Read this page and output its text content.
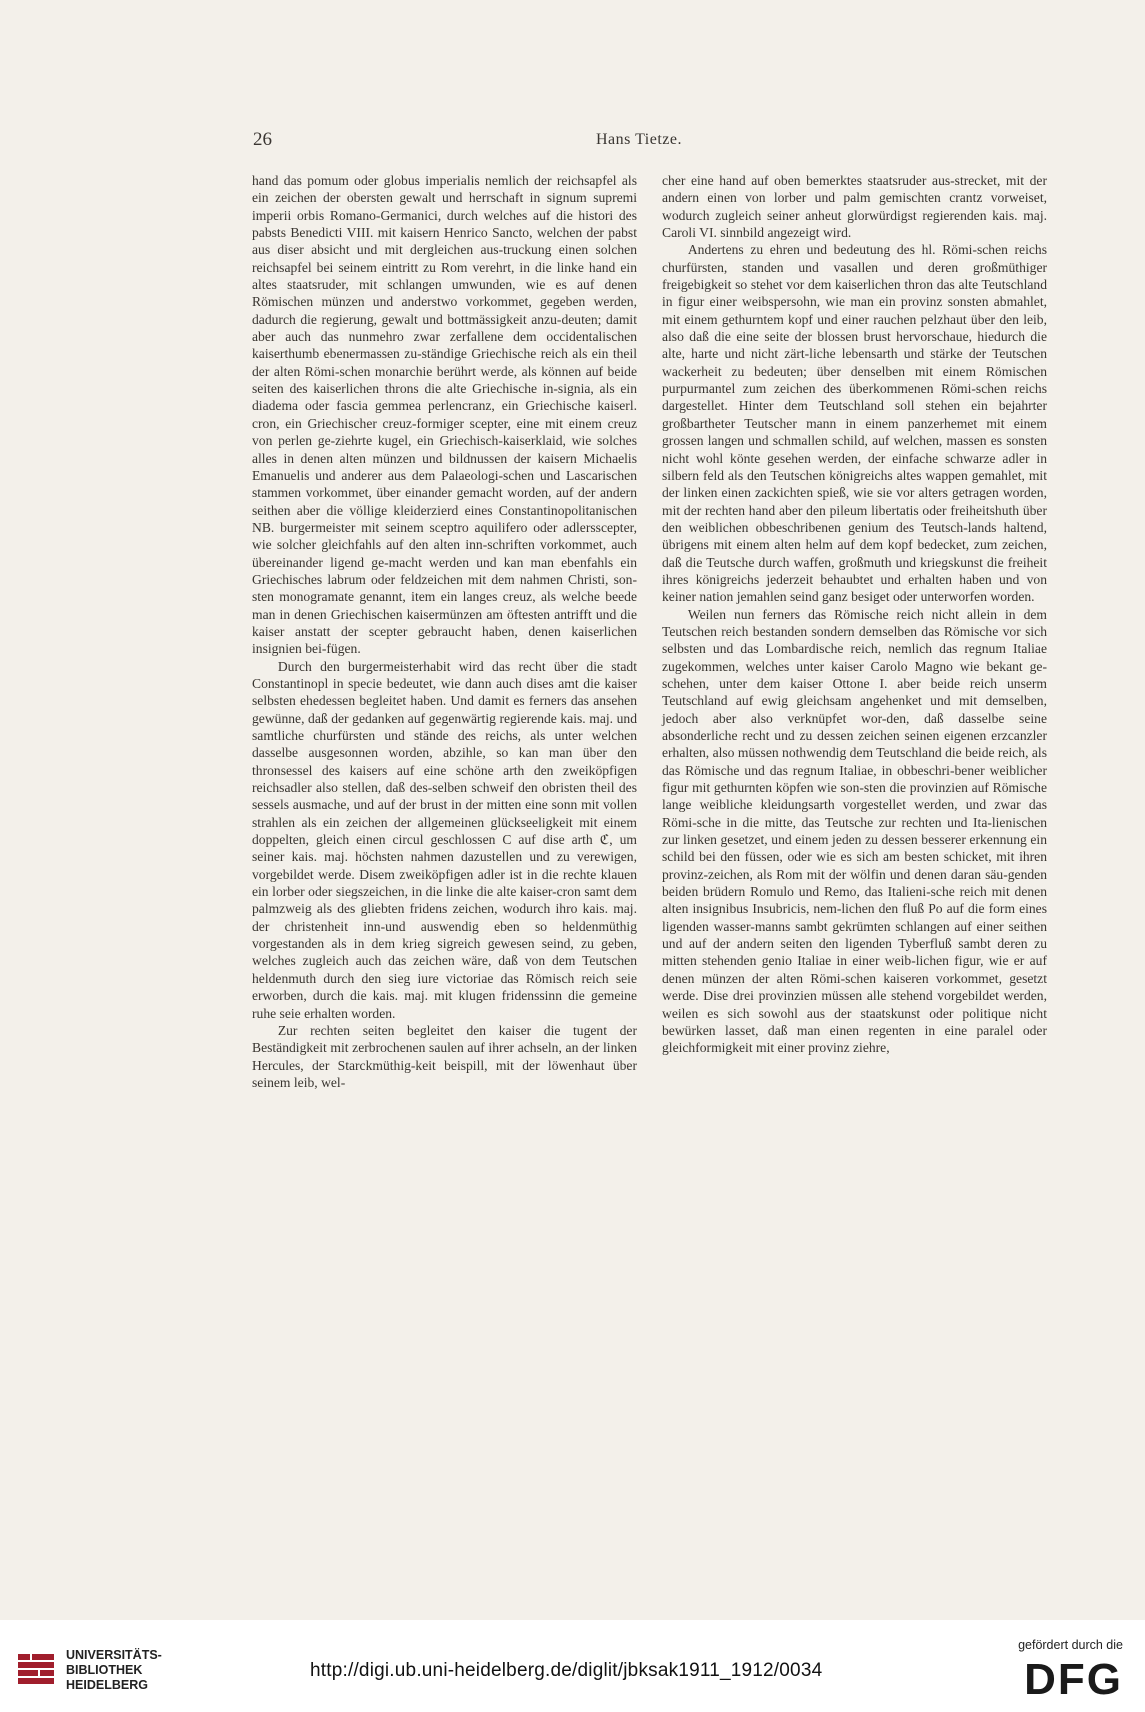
26	Hans Tietze.

hand das pomum oder globus imperialis nemlich der reichsapfel als ein zeichen der obersten gewalt und herrschaft in signum supremi imperii orbis Romano-Germanici, durch welches auf die histori des pabsts Benedicti VIII. mit kaisern Henrico Sancto, welchen der pabst aus diser absicht und mit dergleichen aus-truckung einen solchen reichsapfel bei seinem eintritt zu Rom verehrt, in die linke hand ein altes staatsruder, mit schlangen umwunden, wie es auf denen Römischen münzen und anderstwo vorkommet, gegeben werden, dadurch die regierung, gewalt und bottmässigkeit anzu-deuten; damit aber auch das nunmehro zwar zerfallene dem occidentalischen kaiserthumb ebenermassen zu-ständige Griechische reich als ein theil der alten Römi-schen monarchie berührt werde, als können auf beide seiten des kaiserlichen throns die alte Griechische in-signia, als ein diadema oder fascia gemmea perlencranz, ein Griechische kaiserl. cron, ein Griechischer creuz-formiger scepter, eine mit einem creuz von perlen ge-ziehrte kugel, ein Griechisch-kaiserklaid, wie solches alles in denen alten münzen und bildnussen der kaisern Michaelis Emanuelis und anderer aus dem Palaeologi-schen und Lascarischen stammen vorkommet, über einander gemacht worden, auf der andern seithen aber die völlige kleiderzierd eines Constantinopolitanischen NB. burgermeister mit seinem sceptro aquilifero oder adlersscepter, wie solcher gleichfahls auf den alten inn-schriften vorkommet, auch übereinander ligend ge-macht werden und kan man ebenfahls ein Griechisches labrum oder feldzeichen mit dem nahmen Christi, son-sten monogramate genannt, item ein langes creuz, als welche beede man in denen Griechischen kaisermünzen am öftesten antrifft und die kaiser anstatt der scepter gebraucht haben, denen kaiserlichen insignien bei-fügen.

Durch den burgermeisterhabit wird das recht über die stadt Constantinopl in specie bedeutet, wie dann auch dises amt die kaiser selbsten ehedessen begleitet haben. Und damit es ferners das ansehen gewünne, daß der gedanken auf gegenwärtig regierende kais. maj. und samtliche churfürsten und stände des reichs, als unter welchen dasselbe ausgesonnen worden, abzihle, so kan man über den thronsessel des kaisers auf eine schöne arth den zweiköpfigen reichsadler also stellen, daß des-selben schweif den obristen theil des sessels ausmache, und auf der brust in der mitten eine sonn mit vollen strahlen als ein zeichen der allgemeinen glückseeligkeit mit einem doppelten, gleich einen circul geschlossen C auf dise arth ℭ, um seiner kais. maj. höchsten nahmen dazustellen und zu verewigen, vorgebildet werde. Disem zweiköpfigen adler ist in die rechte klauen ein lorber oder siegszeichen, in die linke die alte kaiser-cron samt dem palmzweig als des gliebten fridens zeichen, wodurch ihro kais. maj. der christenheit inn-und auswendig eben so heldenmüthig vorgestanden als in dem krieg sigreich gewesen seind, zu geben, welches zugleich auch das zeichen wäre, daß von dem Teutschen heldenmuth durch den sieg iure victoriae das Römisch reich seie erworben, durch die kais. maj. mit klugen fridenssinn die gemeine ruhe seie erhalten worden.

Zur rechten seiten begleitet den kaiser die tugent der Beständigkeit mit zerbrochenen saulen auf ihrer achseln, an der linken Hercules, der Starckmüthig-keit beispill, mit der löwenhaut über seinem leib, wel-

cher eine hand auf oben bemerktes staatsruder aus-strecket, mit der andern einen von lorber und palm gemischten crantz vorweiset, wodurch zugleich seiner anheut glorwürdigst regierenden kais. maj. Caroli VI. sinnbild angezeigt wird.

Andertens zu ehren und bedeutung des hl. Römi-schen reichs churfürsten, standen und vasallen und deren großmüthiger freigebigkeit so stehet vor dem kaiserlichen thron das alte Teutschland in figur einer weibspersohn, wie man ein provinz sonsten abmahlet, mit einem gethurntem kopf und einer rauchen pelzhaut über den leib, also daß die eine seite der blossen brust hervorschaue, hiedurch die alte, harte und nicht zärt-liche lebensarth und stärke der Teutschen wackerheit zu bedeuten; über denselben mit einem Römischen purpurmantel zum zeichen des überkommenen Römi-schen reichs dargestellet. Hinter dem Teutschland soll stehen ein bejahrter großbartheter Teutscher mann in einem panzerhemet mit einem grossen langen und schmallen schild, auf welchen, massen es sonsten nicht wohl könte gesehen werden, der einfache schwarze adler in silbern feld als den Teutschen königreichs altes wappen gemahlet, mit der linken einen zackichten spieß, wie sie vor alters getragen worden, mit der rechten hand aber den pileum libertatis oder freiheitshuth über den weiblichen obbeschribenen genium des Teutsch-lands haltend, übrigens mit einem alten helm auf dem kopf bedecket, zum zeichen, daß die Teutsche durch waffen, großmuth und kriegskunst die freiheit ihres königreichs jederzeit behaubtet und erhalten haben und von keiner nation jemahlen seind ganz besiget oder unterworfen worden.

Weilen nun ferners das Römische reich nicht allein in dem Teutschen reich bestanden sondern demselben das Römische vor sich selbsten und das Lombardische reich, nemlich das regnum Italiae zugekommen, welches unter kaiser Carolo Magno wie bekant ge-schehen, unter dem kaiser Ottone I. aber beide reich unserm Teutschland auf ewig gleichsam angehenket und mit demselben, jedoch aber also verknüpfet wor-den, daß dasselbe seine absonderliche recht und zu dessen zeichen seinen eigenen erzcanzler erhalten, also müssen nothwendig dem Teutschland die beide reich, als das Römische und das regnum Italiae, in obbeschri-bener weiblicher figur mit gethurnten köpfen wie son-sten die provinzien auf Römische lange weibliche kleidungsarth vorgestellet werden, und zwar das Römi-sche in die mitte, das Teutsche zur rechten und Ita-lienischen zur linken gesetzet, und einem jeden zu dessen besserer erkennung ein schild bei den füssen, oder wie es sich am besten schicket, mit ihren provinz-zeichen, als Rom mit der wölfin und denen daran säu-genden beiden brüdern Romulo und Remo, das Italieni-sche reich mit denen alten insignibus Insubricis, nem-lichen den fluß Po auf die form eines ligenden wasser-manns sambt gekrümten schlangen auf einer seithen und auf der andern seiten den ligenden Tyberfluß sambt deren zu mitten stehenden genio Italiae in einer weib-lichen figur, wie er auf denen münzen der alten Römi-schen kaiseren vorkommet, gesetzt werde. Dise drei provinzien müssen alle stehend vorgebildet werden, weilen es sich sowohl aus der staatskunst oder politique nicht bewürken lasset, daß man einen regenten in eine paralel oder gleichformigkeit mit einer provinz ziehre,

UNIVERSITÄTS-
BIBLIOTHEK
HEIDELBERG
http://digi.ub.uni-heidelberg.de/diglit/jbksak1911_1912/0034
gefördert durch die
DFG
